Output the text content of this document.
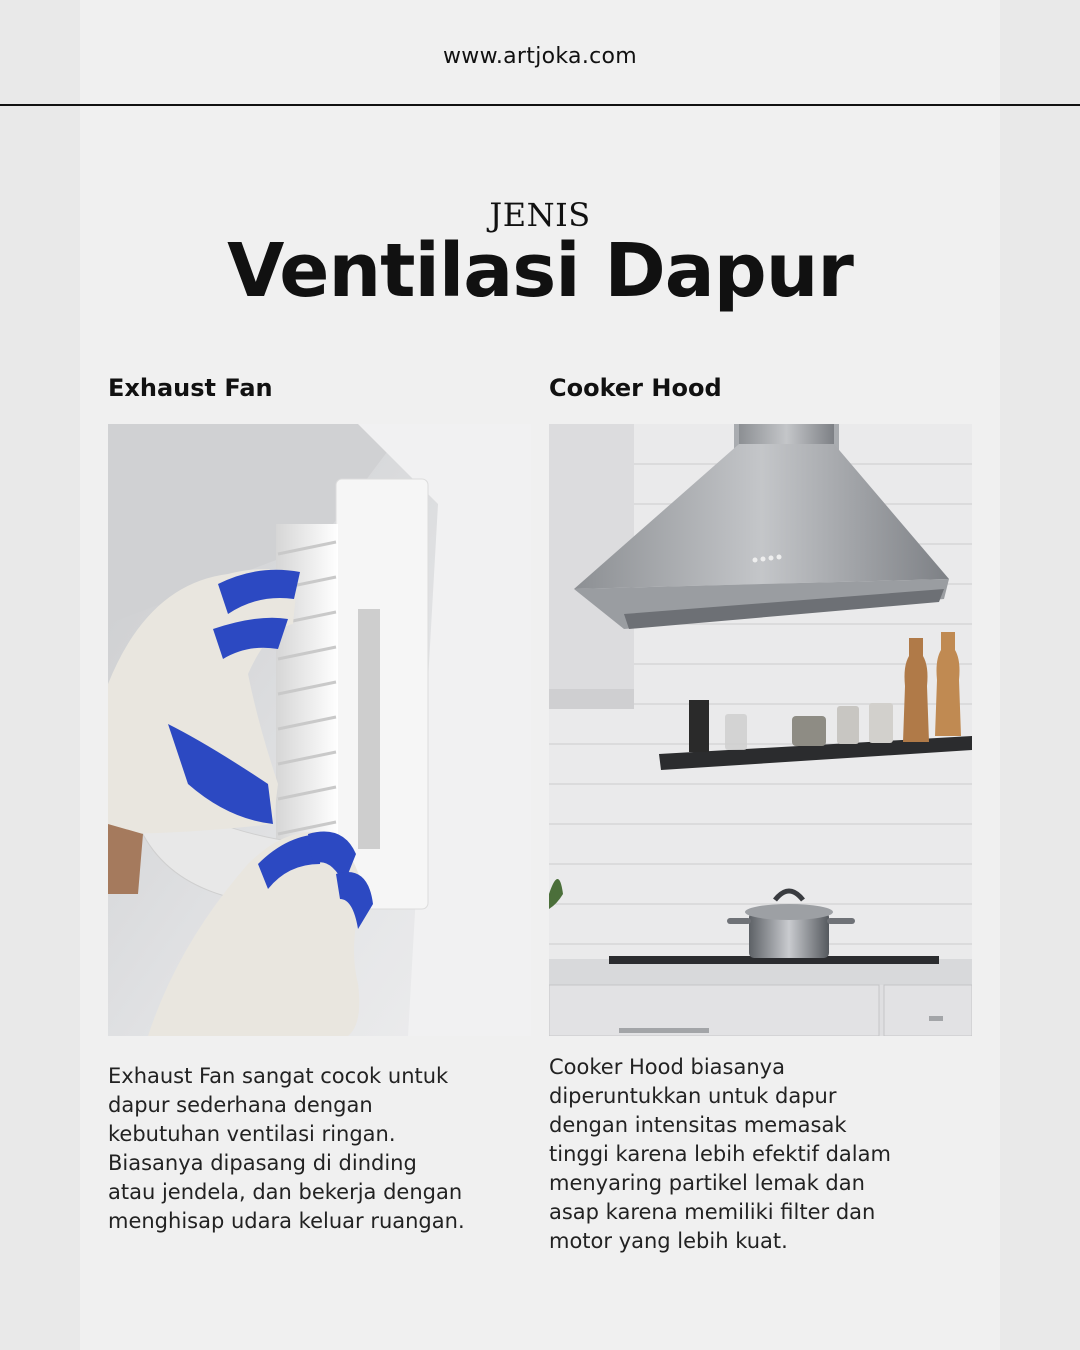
www.artjoka.com
JENIS
Ventilasi Dapur
Exhaust Fan
Exhaust Fan sangat cocok untuk dapur sederhana dengan kebutuhan ventilasi ringan. Biasanya dipasang di dinding atau jendela, dan bekerja dengan menghisap udara keluar ruangan.
Cooker Hood
Cooker Hood biasanya diperuntukkan untuk dapur dengan intensitas memasak tinggi karena lebih efektif dalam menyaring partikel lemak dan asap karena memiliki filter dan motor yang lebih kuat.
